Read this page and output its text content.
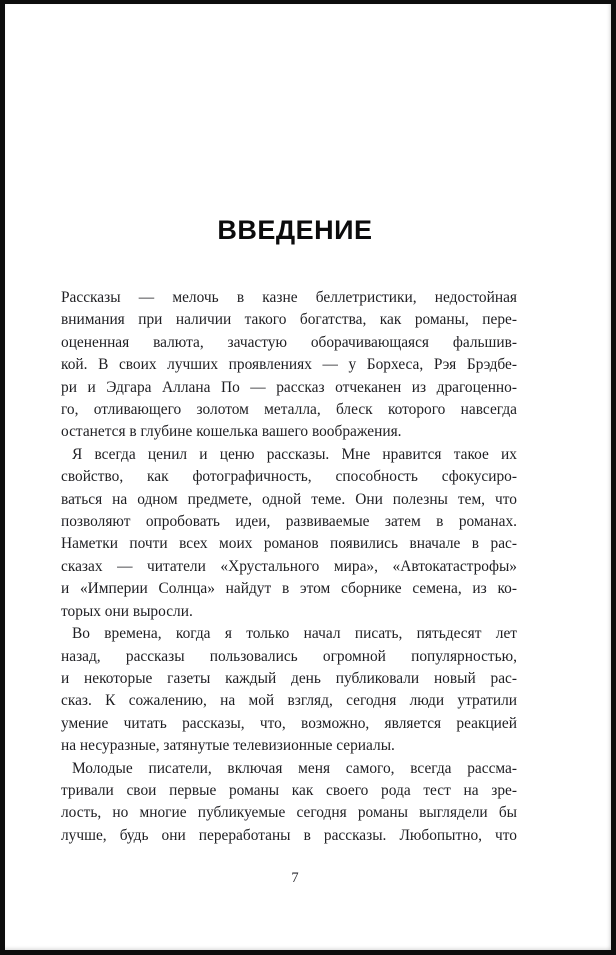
ВВЕДЕНИЕ
Рассказы — мелочь в казне беллетристики, недостойная
внимания при наличии такого богатства, как романы, пере-
оцененная валюта, зачастую оборачивающаяся фальшив-
кой. В своих лучших проявлениях — у Борхеса, Рэя Брэдбе-
ри и Эдгара Аллана По — рассказ отчеканен из драгоценно-
го, отливающего золотом металла, блеск которого навсегда
останется в глубине кошелька вашего воображения.
Я всегда ценил и ценю рассказы. Мне нравится такое их
свойство, как фотографичность, способность сфокусиро-
ваться на одном предмете, одной теме. Они полезны тем, что
позволяют опробовать идеи, развиваемые затем в романах.
Наметки почти всех моих романов появились вначале в рас-
сказах — читатели «Хрустального мира», «Автокатастрофы»
и «Империи Солнца» найдут в этом сборнике семена, из ко-
торых они выросли.
Во времена, когда я только начал писать, пятьдесят лет
назад, рассказы пользовались огромной популярностью,
и некоторые газеты каждый день публиковали новый рас-
сказ. К сожалению, на мой взгляд, сегодня люди утратили
умение читать рассказы, что, возможно, является реакцией
на несуразные, затянутые телевизионные сериалы.
Молодые писатели, включая меня самого, всегда рассма-
тривали свои первые романы как своего рода тест на зре-
лость, но многие публикуемые сегодня романы выглядели бы
лучше, будь они переработаны в рассказы. Любопытно, что
7
